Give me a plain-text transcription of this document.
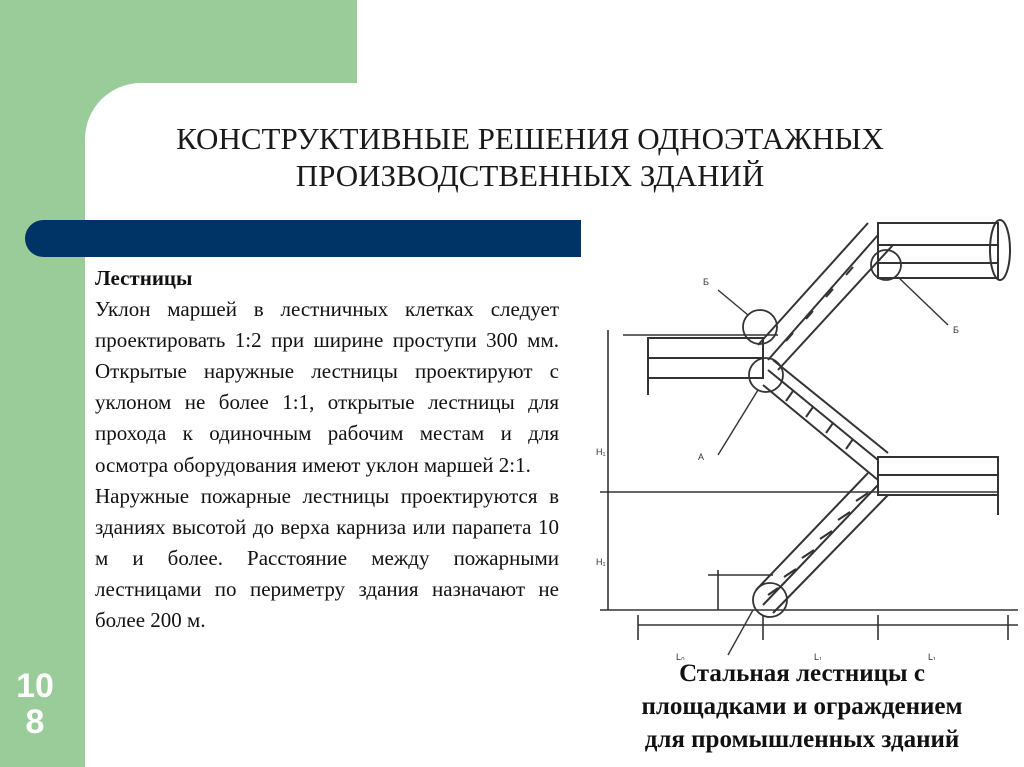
КОНСТРУКТИВНЫЕ РЕШЕНИЯ ОДНОЭТАЖНЫХ
ПРОИЗВОДСТВЕННЫХ ЗДАНИЙ

Лестницы

Уклон маршей в лестничных клетках следует проектировать 1:2 при ширине проступи 300 мм. Открытые наружные лестницы проектируют с уклоном не более 1:1, открытые лестницы для прохода к одиночным рабочим местам и для осмотра оборудования имеют уклон маршей 2:1.

Наружные пожарные лестницы проектируются в зданиях высотой до верха карниза или парапета 10 м и более. Расстояние между пожарными лестницами по периметру здания назначают не более 200 м.

10
8
Б
А
Б
L₀	L₁	L₁
H₁
H₁
Стальная лестницы с
площадками и ограждением
для промышленных зданий
